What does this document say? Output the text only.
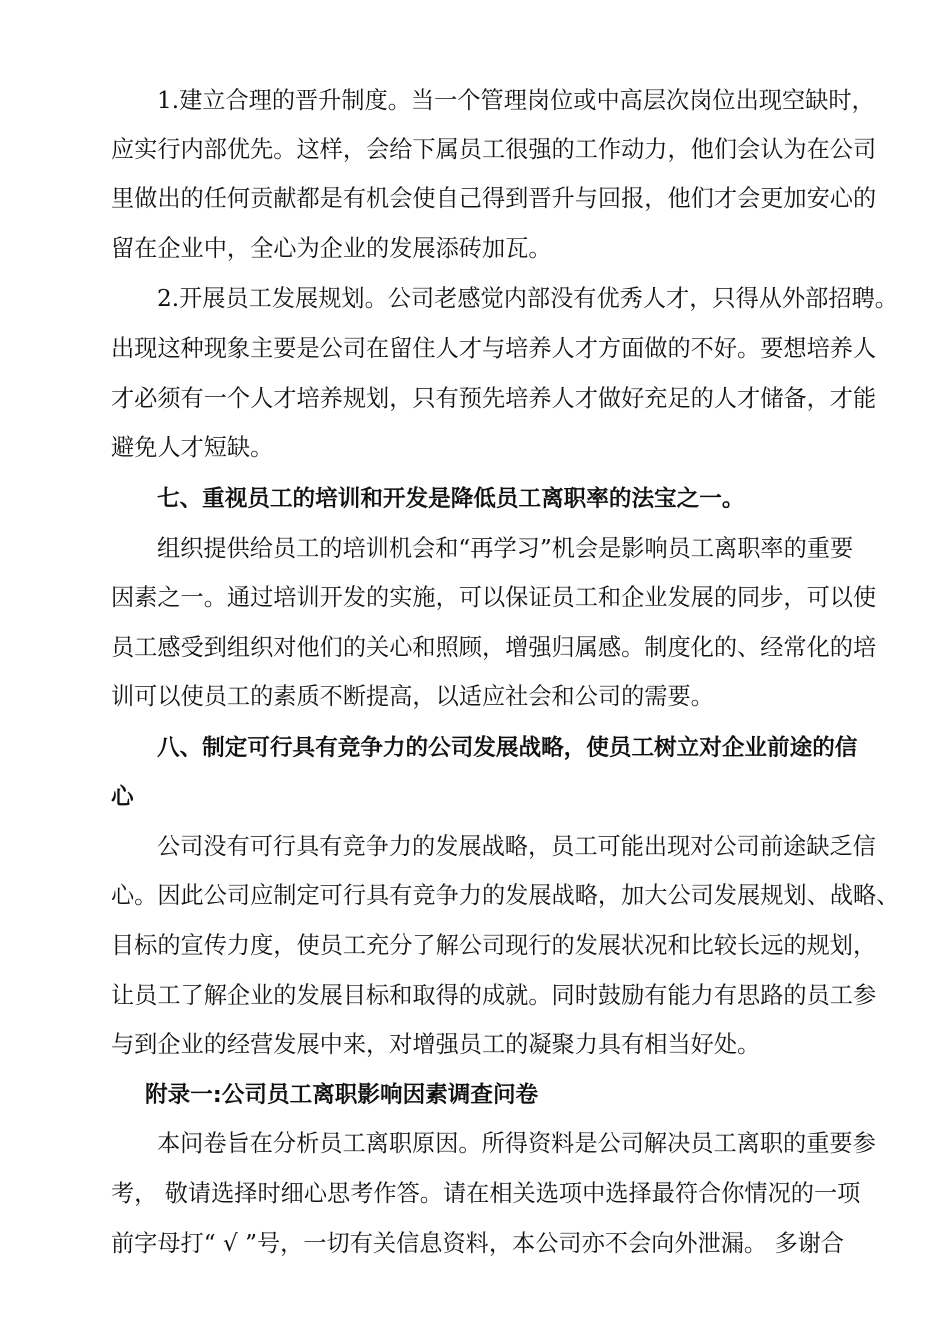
1.建立合理的晋升制度。当一个管理岗位或中高层次岗位出现空缺时，
应实行内部优先。这样，会给下属员工很强的工作动力，他们会认为在公司
里做出的任何贡献都是有机会使自己得到晋升与回报，他们才会更加安心的
留在企业中，全心为企业的发展添砖加瓦。
2.开展员工发展规划。公司老感觉内部没有优秀人才，只得从外部招聘。
出现这种现象主要是公司在留住人才与培养人才方面做的不好。要想培养人
才必须有一个人才培养规划，只有预先培养人才做好充足的人才储备，才能
避免人才短缺。
七、重视员工的培训和开发是降低员工离职率的法宝之一。
组织提供给员工的培训机会和“再学习”机会是影响员工离职率的重要
因素之一。通过培训开发的实施，可以保证员工和企业发展的同步，可以使
员工感受到组织对他们的关心和照顾，增强归属感。制度化的、经常化的培
训可以使员工的素质不断提高，以适应社会和公司的需要。
八、制定可行具有竞争力的公司发展战略，使员工树立对企业前途的信
心
公司没有可行具有竞争力的发展战略，员工可能出现对公司前途缺乏信
心。因此公司应制定可行具有竞争力的发展战略，加大公司发展规划、战略、
目标的宣传力度，使员工充分了解公司现行的发展状况和比较长远的规划，
让员工了解企业的发展目标和取得的成就。同时鼓励有能力有思路的员工参
与到企业的经营发展中来，对增强员工的凝聚力具有相当好处。
附录一:公司员工离职影响因素调查问卷
本问卷旨在分析员工离职原因。所得资料是公司解决员工离职的重要参
考， 敬请选择时细心思考作答。请在相关选项中选择最符合你情况的一项
前字母打“ √ ”号，一切有关信息资料，本公司亦不会向外泄漏。 多谢合
